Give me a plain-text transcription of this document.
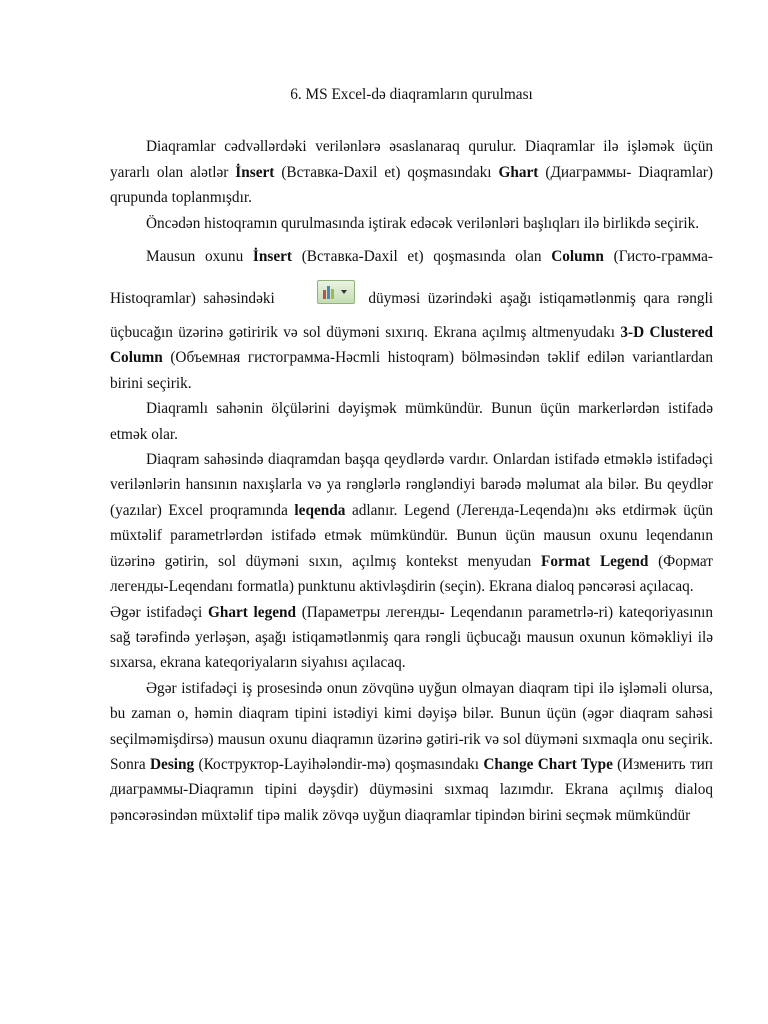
6. MS Excel-də diaqramların qurulması

Diaqramlar cədvəllərdəki verilənlərə əsaslanaraq qurulur. Diaqramlar ilə işləmək üçün yararlı olan alətlər İnsert (Вставка-Daxil et) qoşmasındakı Ghart (Диаграммы- Diaqramlar) qrupunda toplanmışdır.

Öncədən histoqramın qurulmasında iştirak edəcək verilənləri başlıqları ilə birlikdə seçirik.

Mausun oxunu İnsert (Вставка-Daxil et) qoşmasında olan Column (Гисто-грамма-Histoqramlar) sahəsindəki	düyməsi üzərindəki aşağı istiqamətlənmiş qara rəngli üçbucağın üzərinə gətiririk və sol düyməni sıxırıq. Ekrana açılmış altmenyudakı 3-D Clustered Column (Объемная гистограмма-Həcmli histoqram) bölməsindən təklif edilən variantlardan birini seçirik.

Diaqramlı sahənin ölçülərini dəyişmək mümkündür. Bunun üçün markerlərdən istifadə etmək olar.

Diaqram sahəsində diaqramdan başqa qeydlərdə vardır. Onlardan istifadə etməklə istifadəçi verilənlərin hansının naxışlarla və ya rənglərlə rəngləndiyi barədə məlumat ala bilər. Bu qeydlər (yazılar) Excel proqramında leqenda adlanır. Legend (Легенда-Leqenda)nı əks etdirmək üçün müxtəlif parametrlərdən istifadə etmək mümkündür. Bunun üçün mausun oxunu leqendanın üzərinə gətirin, sol düyməni sıxın, açılmış kontekst menyudan Format Legend (Формат легенды-Leqendanı formatla) punktunu aktivləşdirin (seçin). Ekrana dialoq pəncərəsi açılacaq.

Əgər istifadəçi Ghart legend (Параметры легенды- Leqendanın parametrlə-ri) kateqoriyasının sağ tərəfində yerləşən, aşağı istiqamətlənmiş qara rəngli üçbucağı mausun oxunun köməkliyi ilə sıxarsa, ekrana kateqoriyaların siyahısı açılacaq.

Əgər istifadəçi iş prosesində onun zövqünə uyğun olmayan diaqram tipi ilə işləməli olursa, bu zaman o, həmin diaqram tipini istədiyi kimi dəyişə bilər. Bunun üçün (əgər diaqram sahəsi seçilməmişdirsə) mausun oxunu diaqramın üzərinə gətiri-rik və sol düyməni sıxmaqla onu seçirik. Sonra Desing (Коструктор-Layihələndir-mə) qoşmasındakı Change Chart Type (Изменить тип диаграммы-Diaqramın tipini dəyşdir) düyməsini sıxmaq lazımdır. Ekrana açılmış dialoq pəncərəsindən müxtəlif tipə malik zövqə uyğun diaqramlar tipindən birini seçmək mümkündür
